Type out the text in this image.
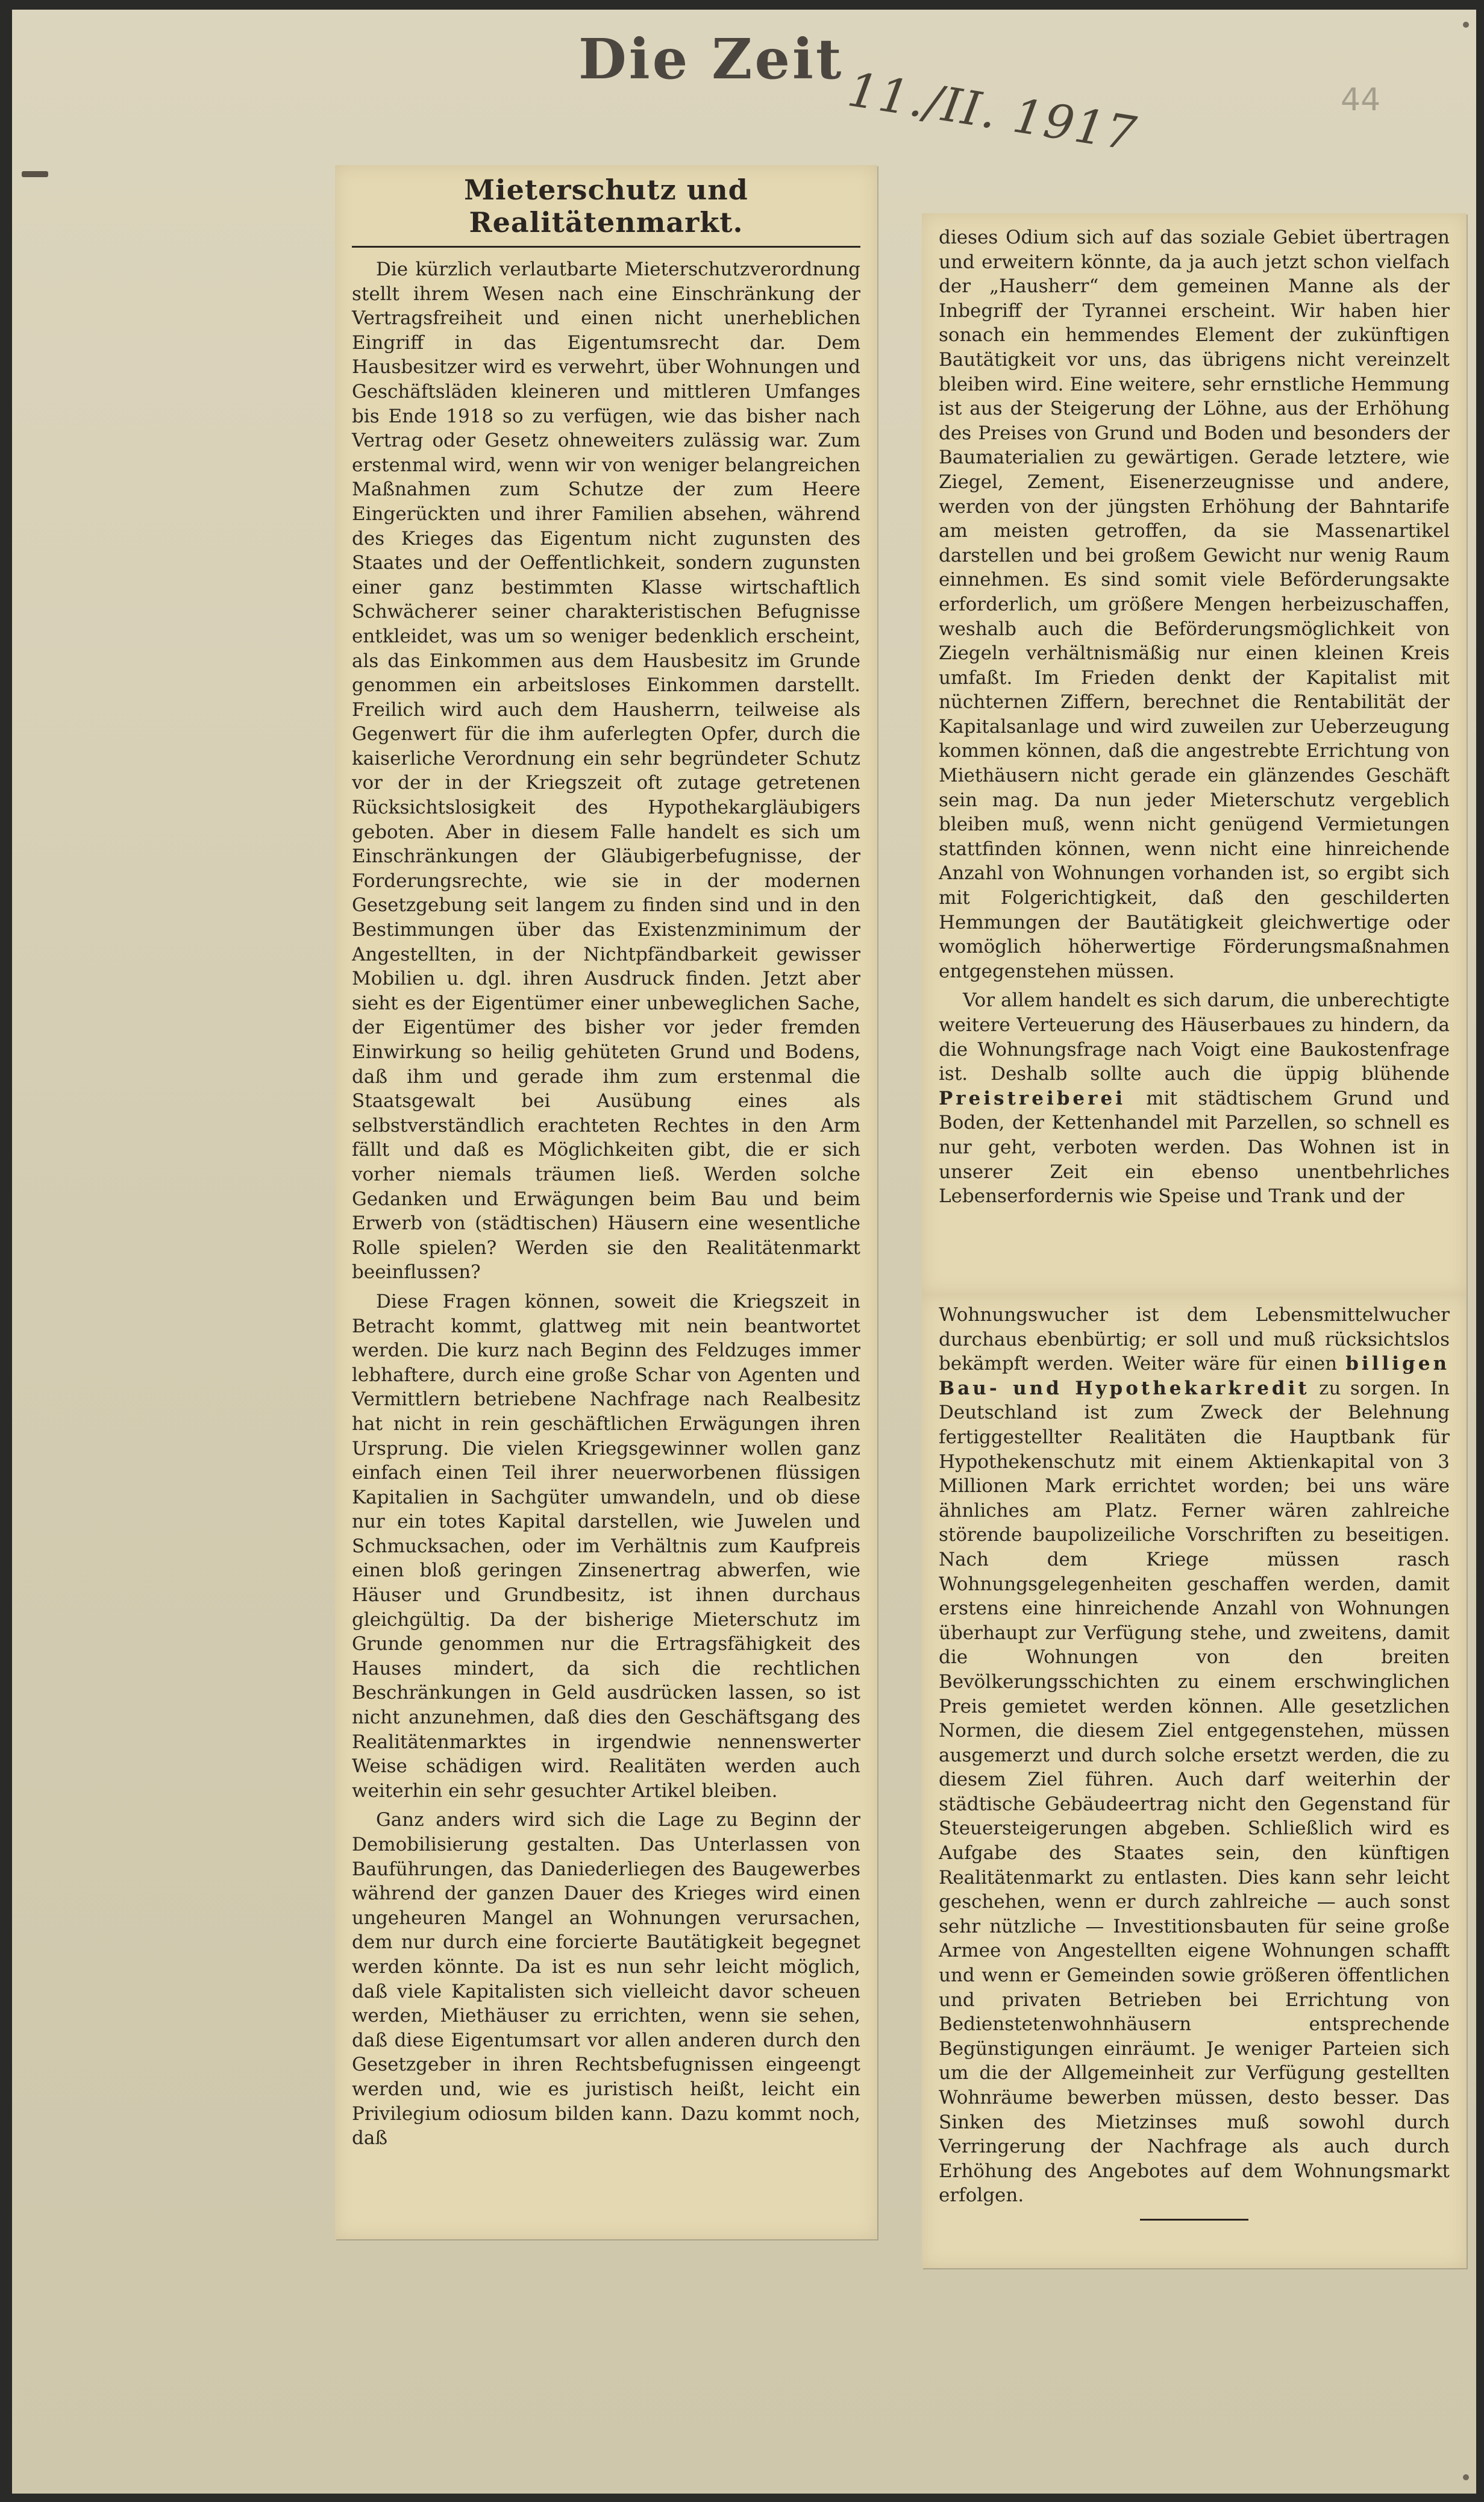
Die Zeit
11./II. 1917	44
Mieterschutz und Realitätenmarkt.

Die kürzlich verlautbarte Mieterschutzverordnung stellt ihrem Wesen nach eine Einschränkung der Vertragsfreiheit und einen nicht unerheblichen Eingriff in das Eigentumsrecht dar. Dem Hausbesitzer wird es verwehrt, über Wohnungen und Geschäftsläden kleineren und mittleren Umfanges bis Ende 1918 so zu verfügen, wie das bisher nach Vertrag oder Gesetz ohneweiters zulässig war. Zum erstenmal wird, wenn wir von weniger belangreichen Maßnahmen zum Schutze der zum Heere Eingerückten und ihrer Familien absehen, während des Krieges das Eigentum nicht zugunsten des Staates und der Oeffentlichkeit, sondern zugunsten einer ganz bestimmten Klasse wirtschaftlich Schwächerer seiner charakteristischen Befugnisse entkleidet, was um so weniger bedenklich erscheint, als das Einkommen aus dem Hausbesitz im Grunde genommen ein arbeitsloses Einkommen darstellt. Freilich wird auch dem Hausherrn, teilweise als Gegenwert für die ihm auferlegten Opfer, durch die kaiserliche Verordnung ein sehr begründeter Schutz vor der in der Kriegszeit oft zutage getretenen Rücksichtslosigkeit des Hypothekargläubigers geboten. Aber in diesem Falle handelt es sich um Einschränkungen der Gläubigerbefugnisse, der Forderungsrechte, wie sie in der modernen Gesetzgebung seit langem zu finden sind und in den Bestimmungen über das Existenzminimum der Angestellten, in der Nichtpfändbarkeit gewisser Mobilien u. dgl. ihren Ausdruck finden. Jetzt aber sieht es der Eigentümer einer unbeweglichen Sache, der Eigentümer des bisher vor jeder fremden Einwirkung so heilig gehüteten Grund und Bodens, daß ihm und gerade ihm zum erstenmal die Staatsgewalt bei Ausübung eines als selbstverständlich erachteten Rechtes in den Arm fällt und daß es Möglichkeiten gibt, die er sich vorher niemals träumen ließ. Werden solche Gedanken und Erwägungen beim Bau und beim Erwerb von (städtischen) Häusern eine wesentliche Rolle spielen? Werden sie den Realitätenmarkt beeinflussen?

Diese Fragen können, soweit die Kriegszeit in Betracht kommt, glattweg mit nein beantwortet werden. Die kurz nach Beginn des Feldzuges immer lebhaftere, durch eine große Schar von Agenten und Vermittlern betriebene Nachfrage nach Realbesitz hat nicht in rein geschäftlichen Erwägungen ihren Ursprung. Die vielen Kriegsgewinner wollen ganz einfach einen Teil ihrer neuerworbenen flüssigen Kapitalien in Sachgüter umwandeln, und ob diese nur ein totes Kapital darstellen, wie Juwelen und Schmucksachen, oder im Verhältnis zum Kaufpreis einen bloß geringen Zinsenertrag abwerfen, wie Häuser und Grundbesitz, ist ihnen durchaus gleichgültig. Da der bisherige Mieterschutz im Grunde genommen nur die Ertragsfähigkeit des Hauses mindert, da sich die rechtlichen Beschränkungen in Geld ausdrücken lassen, so ist nicht anzunehmen, daß dies den Geschäftsgang des Realitätenmarktes in irgendwie nennenswerter Weise schädigen wird. Realitäten werden auch weiterhin ein sehr gesuchter Artikel bleiben.

Ganz anders wird sich die Lage zu Beginn der Demobilisierung gestalten. Das Unterlassen von Bauführungen, das Daniederliegen des Baugewerbes während der ganzen Dauer des Krieges wird einen ungeheuren Mangel an Wohnungen verursachen, dem nur durch eine forcierte Bautätigkeit begegnet werden könnte. Da ist es nun sehr leicht möglich, daß viele Kapitalisten sich vielleicht davor scheuen werden, Miethäuser zu errichten, wenn sie sehen, daß diese Eigentumsart vor allen anderen durch den Gesetzgeber in ihren Rechtsbefugnissen eingeengt werden und, wie es juristisch heißt, leicht ein Privilegium odiosum bilden kann. Dazu kommt noch, daß

dieses Odium sich auf das soziale Gebiet übertragen und erweitern könnte, da ja auch jetzt schon vielfach der „Hausherr“ dem gemeinen Manne als der Inbegriff der Tyrannei erscheint. Wir haben hier sonach ein hemmendes Element der zukünftigen Bautätigkeit vor uns, das übrigens nicht vereinzelt bleiben wird. Eine weitere, sehr ernstliche Hemmung ist aus der Steigerung der Löhne, aus der Erhöhung des Preises von Grund und Boden und besonders der Baumaterialien zu gewärtigen. Gerade letztere, wie Ziegel, Zement, Eisenerzeugnisse und andere, werden von der jüngsten Erhöhung der Bahntarife am meisten getroffen, da sie Massenartikel darstellen und bei großem Gewicht nur wenig Raum einnehmen. Es sind somit viele Beförderungsakte erforderlich, um größere Mengen herbeizuschaffen, weshalb auch die Beförderungsmöglichkeit von Ziegeln verhältnismäßig nur einen kleinen Kreis umfaßt. Im Frieden denkt der Kapitalist mit nüchternen Ziffern, berechnet die Rentabilität der Kapitalsanlage und wird zuweilen zur Ueberzeugung kommen können, daß die angestrebte Errichtung von Miethäusern nicht gerade ein glänzendes Geschäft sein mag. Da nun jeder Mieterschutz vergeblich bleiben muß, wenn nicht genügend Vermietungen stattfinden können, wenn nicht eine hinreichende Anzahl von Wohnungen vorhanden ist, so ergibt sich mit Folgerichtigkeit, daß den geschilderten Hemmungen der Bautätigkeit gleichwertige oder womöglich höherwertige Förderungsmaßnahmen entgegenstehen müssen.

Vor allem handelt es sich darum, die unberechtigte weitere Verteuerung des Häuserbaues zu hindern, da die Wohnungsfrage nach Voigt eine Baukostenfrage ist. Deshalb sollte auch die üppig blühende Preistreiberei mit städtischem Grund und Boden, der Kettenhandel mit Parzellen, so schnell es nur geht, verboten werden. Das Wohnen ist in unserer Zeit ein ebenso unentbehrliches Lebenserfordernis wie Speise und Trank und der

Wohnungswucher ist dem Lebensmittelwucher durchaus ebenbürtig; er soll und muß rücksichtslos bekämpft werden. Weiter wäre für einen billigen Bau- und Hypothekarkredit zu sorgen. In Deutschland ist zum Zweck der Belehnung fertiggestellter Realitäten die Hauptbank für Hypothekenschutz mit einem Aktienkapital von 3 Millionen Mark errichtet worden; bei uns wäre ähnliches am Platz. Ferner wären zahlreiche störende baupolizeiliche Vorschriften zu beseitigen. Nach dem Kriege müssen rasch Wohnungsgelegenheiten geschaffen werden, damit erstens eine hinreichende Anzahl von Wohnungen überhaupt zur Verfügung stehe, und zweitens, damit die Wohnungen von den breiten Bevölkerungsschichten zu einem erschwinglichen Preis gemietet werden können. Alle gesetzlichen Normen, die diesem Ziel entgegenstehen, müssen ausgemerzt und durch solche ersetzt werden, die zu diesem Ziel führen. Auch darf weiterhin der städtische Gebäudeertrag nicht den Gegenstand für Steuersteigerungen abgeben. Schließlich wird es Aufgabe des Staates sein, den künftigen Realitätenmarkt zu entlasten. Dies kann sehr leicht geschehen, wenn er durch zahlreiche — auch sonst sehr nützliche — Investitionsbauten für seine große Armee von Angestellten eigene Wohnungen schafft und wenn er Gemeinden sowie größeren öffentlichen und privaten Betrieben bei Errichtung von Bedienstetenwohnhäusern entsprechende Begünstigungen einräumt. Je weniger Parteien sich um die der Allgemeinheit zur Verfügung gestellten Wohnräume bewerben müssen, desto besser. Das Sinken des Mietzinses muß sowohl durch Verringerung der Nachfrage als auch durch Erhöhung des Angebotes auf dem Wohnungsmarkt erfolgen.
